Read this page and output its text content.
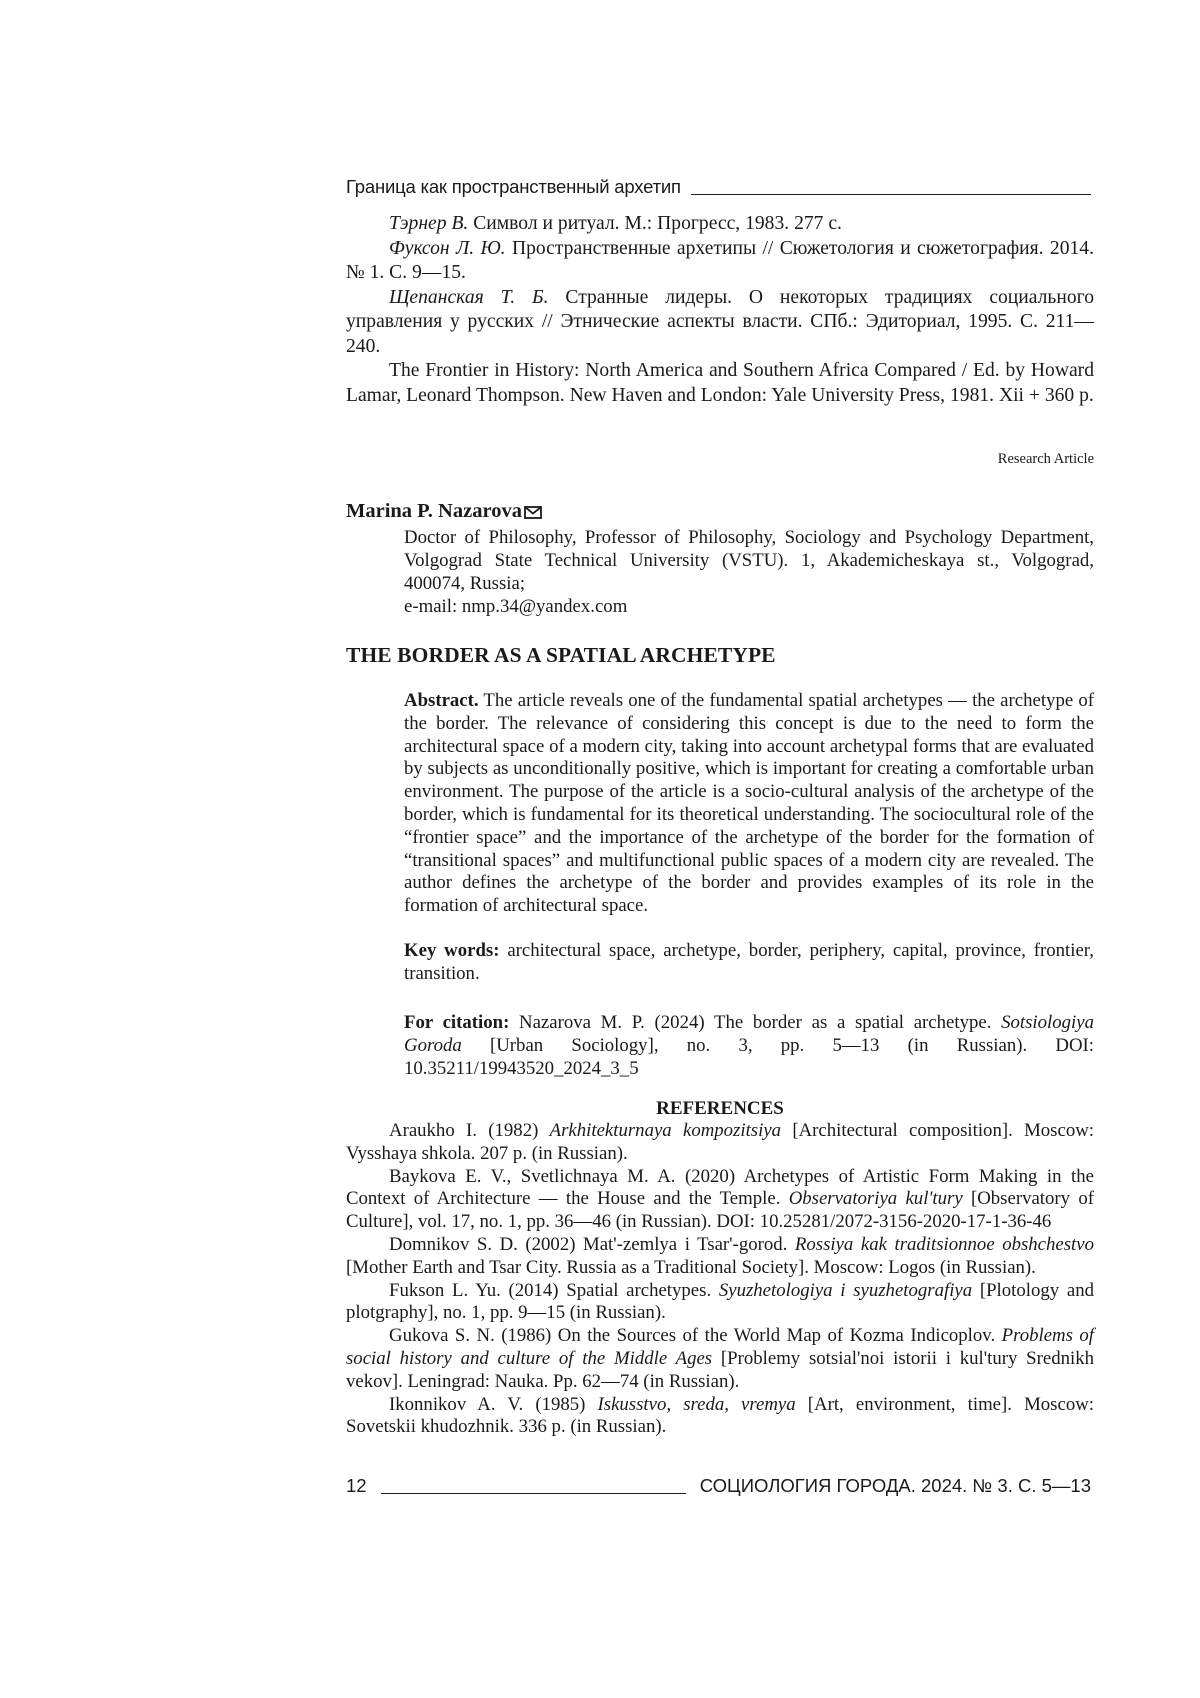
Граница как пространственный архетип

Тэрнер В. Символ и ритуал. М.: Прогресс, 1983. 277 с.

Фуксон Л. Ю. Пространственные архетипы // Сюжетология и сюжетография. 2014. № 1. С. 9—15.

Щепанская Т. Б. Странные лидеры. О некоторых традициях социального управления у русских // Этнические аспекты власти. СПб.: Эдиториал, 1995. С. 211—240.

The Frontier in History: North America and Southern Africa Compared / Ed. by Howard Lamar, Leonard Thompson. New Haven and London: Yale University Press, 1981. Xii + 360 p.

Research Article
Marina P. Nazarova

Doctor of Philosophy, Professor of Philosophy, Sociology and Psychology Department, Volgograd State Technical University (VSTU). 1, Akademicheskaya st., Volgograd, 400074, Russia;

e-mail: nmp.34@yandex.com

THE BORDER AS A SPATIAL ARCHETYPE

Abstract. The article reveals one of the fundamental spatial archetypes — the archetype of the border. The relevance of considering this concept is due to the need to form the architectural space of a modern city, taking into account archetypal forms that are evaluated by subjects as unconditionally positive, which is important for creating a comfortable urban environment. The purpose of the article is a socio-cultural analysis of the archetype of the border, which is fundamental for its theoretical understanding. The sociocultural role of the “frontier space” and the importance of the archetype of the border for the formation of “transitional spaces” and multifunctional public spaces of a modern city are revealed. The author defines the archetype of the border and provides examples of its role in the formation of architectural space.

Key words: architectural space, archetype, border, periphery, capital, province, frontier, transition.

For citation: Nazarova M. P. (2024) The border as a spatial archetype. Sotsiologiya Goroda [Urban Sociology], no. 3, pp. 5—13 (in Russian). DOI: 10.35211/19943520_2024_3_5

REFERENCES

Araukho I. (1982) Arkhitekturnaya kompozitsiya [Architectural composition]. Moscow: Vysshaya shkola. 207 p. (in Russian).

Baykova E. V., Svetlichnaya M. A. (2020) Archetypes of Artistic Form Making in the Context of Architecture — the House and the Temple. Observatoriya kul'tury [Observatory of Culture], vol. 17, no. 1, pp. 36—46 (in Russian). DOI: 10.25281/2072-3156-2020-17-1-36-46

Domnikov S. D. (2002) Mat'-zemlya i Tsar'-gorod. Rossiya kak traditsionnoe obshchestvo [Mother Earth and Tsar City. Russia as a Traditional Society]. Moscow: Logos (in Russian).

Fukson L. Yu. (2014) Spatial archetypes. Syuzhetologiya i syuzhetografiya [Plotology and plotgraphy], no. 1, pp. 9—15 (in Russian).

Gukova S. N. (1986) On the Sources of the World Map of Kozma Indicoplov. Problems of social history and culture of the Middle Ages [Problemy sotsial'noi istorii i kul'tury Srednikh vekov]. Leningrad: Nauka. Pp. 62—74 (in Russian).

Ikonnikov A. V. (1985) Iskusstvo, sreda, vremya [Art, environment, time]. Moscow: Sovetskii khudozhnik. 336 p. (in Russian).

12	СОЦИОЛОГИЯ ГОРОДА. 2024. № 3. С. 5—13
